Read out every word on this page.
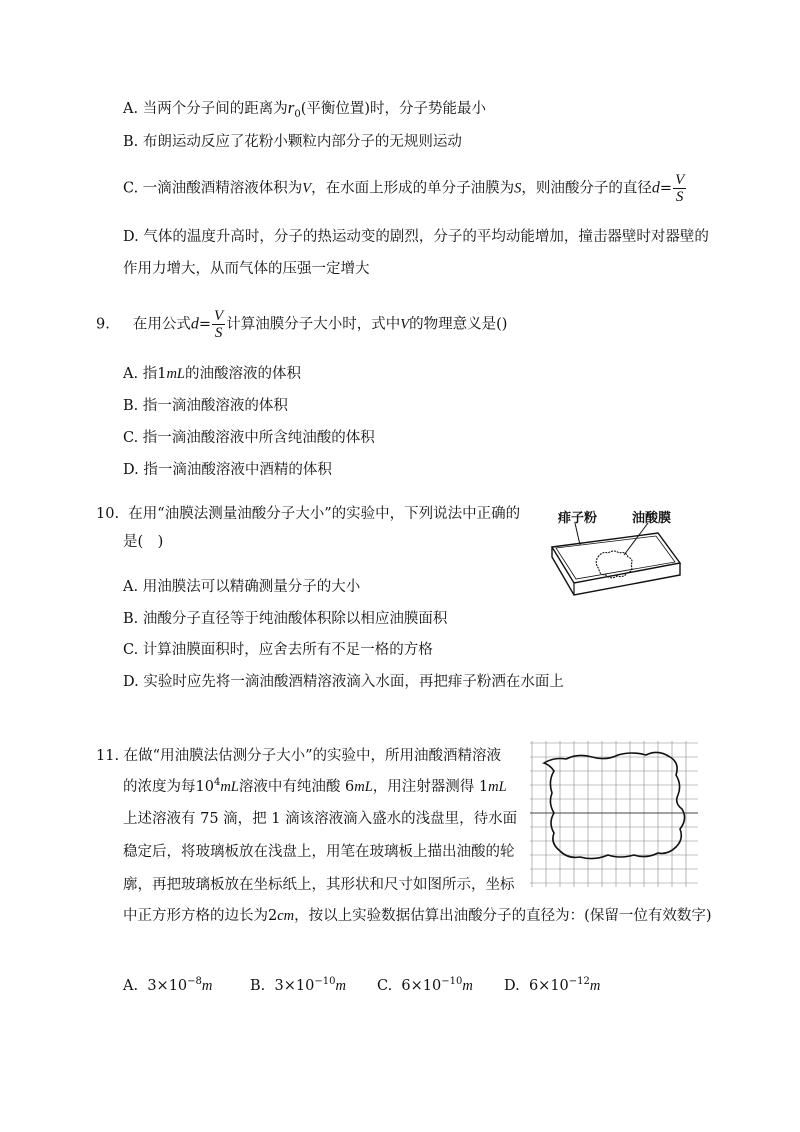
A. 当两个分子间的距离为$r_0$(平衡位置)时，分子势能最小
B. 布朗运动反应了花粉小颗粒内部分子的无规则运动
C. 一滴油酸酒精溶液体积为V，在水面上形成的单分子油膜为S，则油酸分子的直径$d= \frac{V}{S}$
D. 气体的温度升高时，分子的热运动变的剧烈，分子的平均动能增加，撞击器壁时对器壁的
作用力增大，从而气体的压强一定增大
9. 在用公式$d= \frac{V}{S}$ 计算油膜分子大小时，式中V的物理意义是()
A. 指1mL的油酸溶液的体积
B. 指一滴油酸溶液的体积
C. 指一滴油酸溶液中所含纯油酸的体积
D. 指一滴油酸溶液中酒精的体积
10. 在用“油膜法测量油酸分子大小”的实验中，下列说法中正确的
是(　)
痱子粉	油酸膜
A. 用油膜法可以精确测量分子的大小
B. 油酸分子直径等于纯油酸体积除以相应油膜面积
C. 计算油膜面积时，应舍去所有不足一格的方格
D. 实验时应先将一滴油酸酒精溶液滴入水面，再把痱子粉洒在水面上
11. 在做“用油膜法估测分子大小”的实验中，所用油酸酒精溶液
的浓度为每$10^4mL$溶液中有纯油酸 6mL，用注射器测得 1mL
上述溶液有 75 滴，把 1 滴该溶液滴入盛水的浅盘里，待水面
稳定后，将玻璃板放在浅盘上，用笔在玻璃板上描出油酸的轮
廓，再把玻璃板放在坐标纸上，其形状和尺寸如图所示，坐标
中正方形方格的边长为2cm，按以上实验数据估算出油酸分子的直径为：(保留一位有效数字)
A. $3\times 10^{-8}m$	B. $3\times 10^{-10}m$ C. $6\times 10^{-10}m$ D. $6\times 10^{-12}m$
